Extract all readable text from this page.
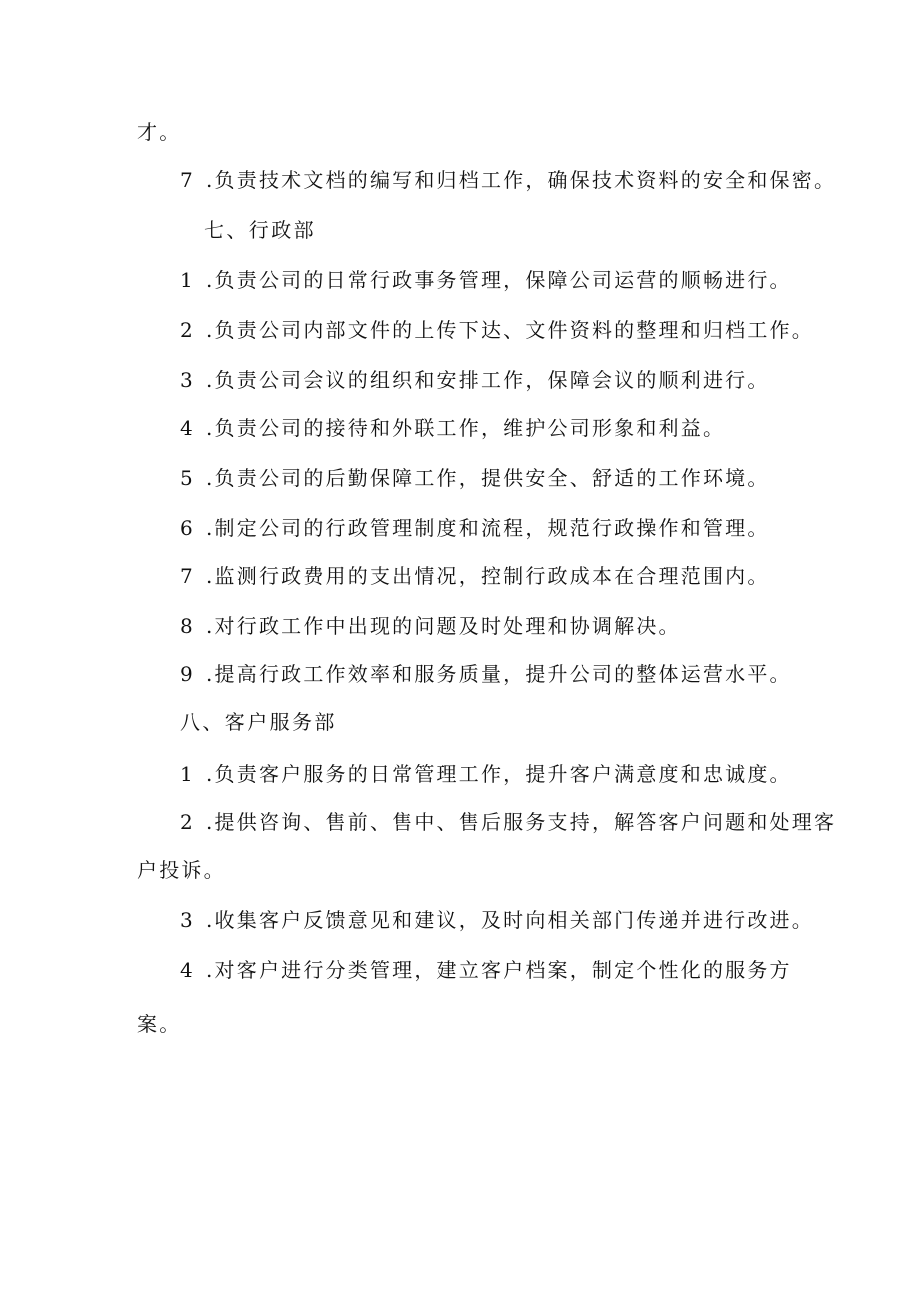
才。

7 .负责技术文档的编写和归档工作，确保技术资料的安全和保密。

七、行政部

1 .负责公司的日常行政事务管理，保障公司运营的顺畅进行。

2 .负责公司内部文件的上传下达、文件资料的整理和归档工作。

3 .负责公司会议的组织和安排工作，保障会议的顺利进行。

4 .负责公司的接待和外联工作，维护公司形象和利益。

5 .负责公司的后勤保障工作，提供安全、舒适的工作环境。

6 .制定公司的行政管理制度和流程，规范行政操作和管理。

7 .监测行政费用的支出情况，控制行政成本在合理范围内。

8 .对行政工作中出现的问题及时处理和协调解决。

9 .提高行政工作效率和服务质量，提升公司的整体运营水平。

八、客户服务部

1 .负责客户服务的日常管理工作，提升客户满意度和忠诚度。

2 .提供咨询、售前、售中、售后服务支持，解答客户问题和处理客

户投诉。

3 .收集客户反馈意见和建议，及时向相关部门传递并进行改进。

4 .对客户进行分类管理，建立客户档案，制定个性化的服务方

案。
